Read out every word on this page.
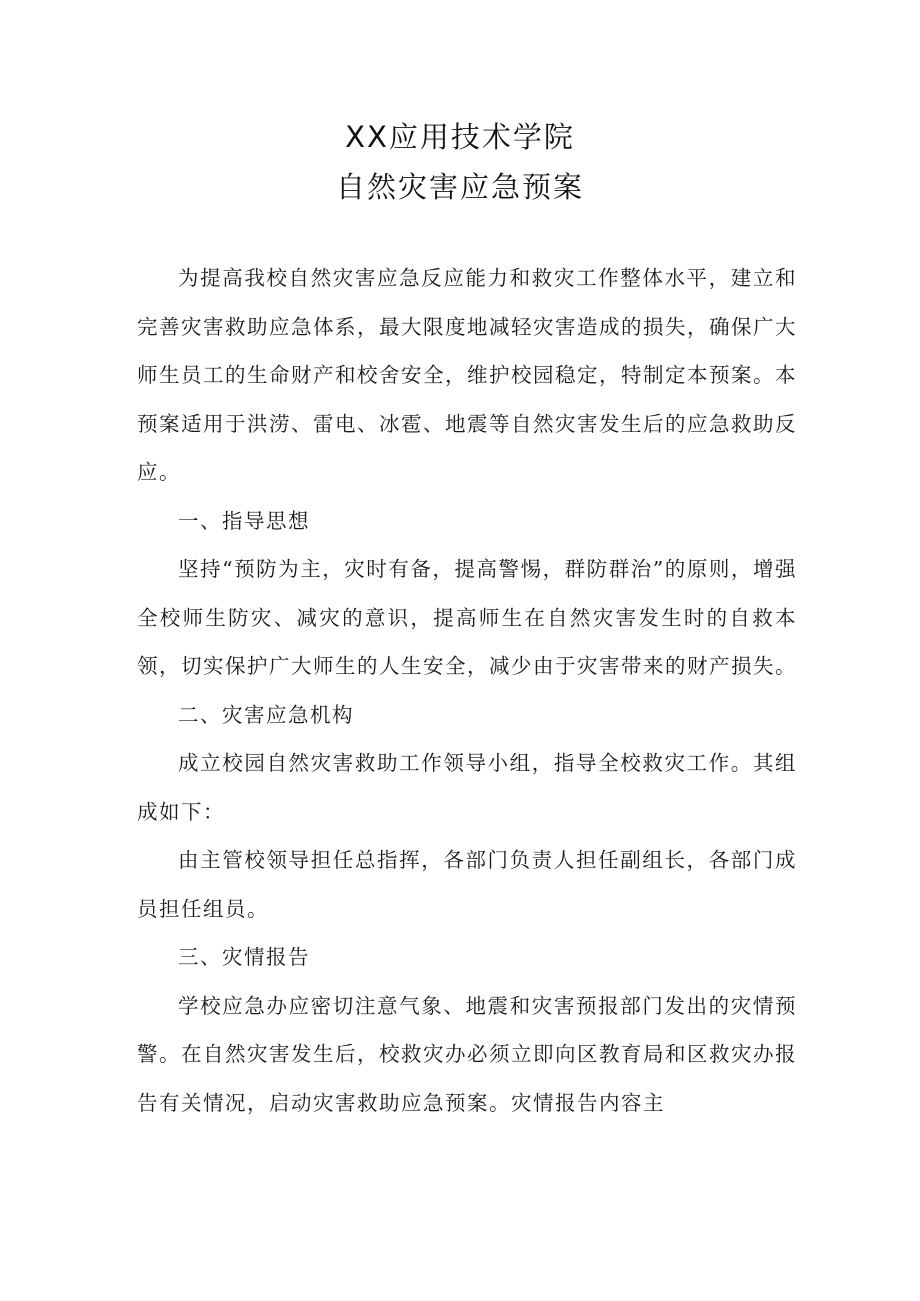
XX应用技术学院
自然灾害应急预案

为提高我校自然灾害应急反应能力和救灾工作整体水平，建立和完善灾害救助应急体系，最大限度地减轻灾害造成的损失，确保广大师生员工的生命财产和校舍安全，维护校园稳定，特制定本预案。本预案适用于洪涝、雷电、冰雹、地震等自然灾害发生后的应急救助反应。

一、指导思想

坚持“预防为主，灾时有备，提高警惕，群防群治”的原则，增强全校师生防灾、减灾的意识，提高师生在自然灾害发生时的自救本领，切实保护广大师生的人生安全，减少由于灾害带来的财产损失。

二、灾害应急机构

成立校园自然灾害救助工作领导小组，指导全校救灾工作。其组成如下：

由主管校领导担任总指挥，各部门负责人担任副组长，各部门成员担任组员。

三、灾情报告

学校应急办应密切注意气象、地震和灾害预报部门发出的灾情预警。在自然灾害发生后，校救灾办必须立即向区教育局和区救灾办报告有关情况，启动灾害救助应急预案。灾情报告内容主
